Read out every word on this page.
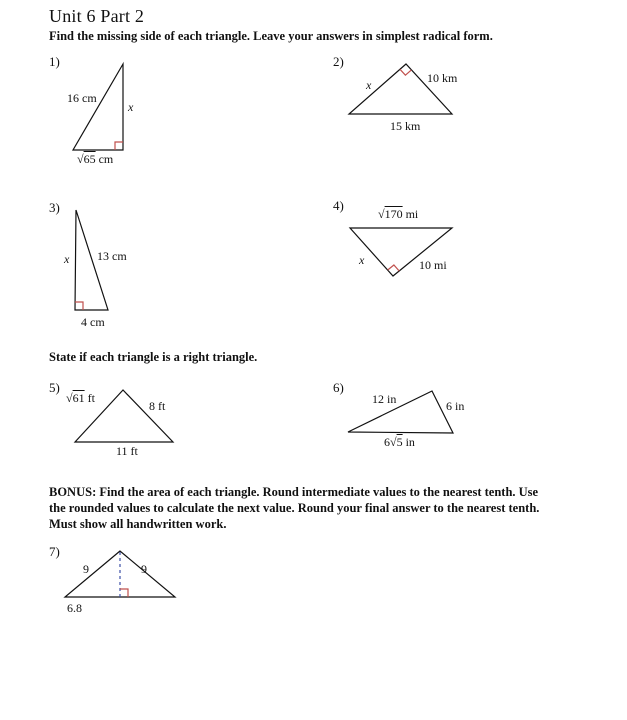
Unit 6 Part 2
Find the missing side of each triangle. Leave your answers in simplest radical form.
1)
16 cm
x
√65 cm
2)
x	10 km
15 km
3)
x 13 cm
4 cm
4)
√170 mi
x	10 mi
State if each triangle is a right triangle.
5)
√61 ft
8 ft
11 ft
6)
12 in	6 in
6√5 in
BONUS: Find the area of each triangle. Round intermediate values to the nearest tenth. Use
the rounded values to calculate the next value. Round your final answer to the nearest tenth.
Must show all handwritten work.
7)
9	9
6.8
